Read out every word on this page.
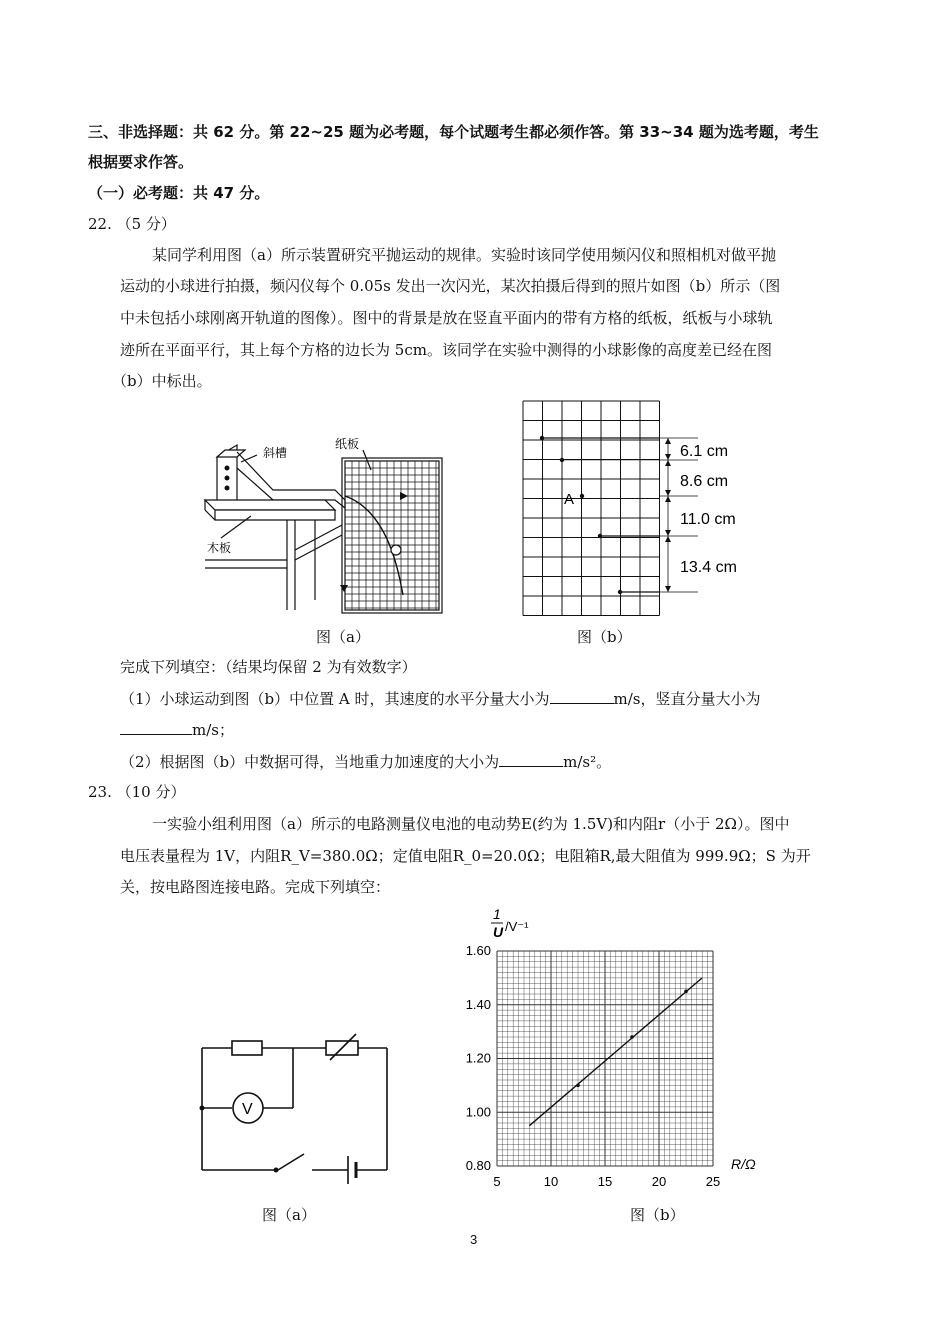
三、非选择题：共 62 分。第 22~25 题为必考题，每个试题考生都必须作答。第 33~34 题为选考题，考生
根据要求作答。
（一）必考题：共 47 分。
22. （5 分）
某同学利用图（a）所示装置研究平抛运动的规律。实验时该同学使用频闪仪和照相机对做平抛
运动的小球进行拍摄，频闪仪每个 0.05s 发出一次闪光，某次拍摄后得到的照片如图（b）所示（图
中未包括小球刚离开轨道的图像）。图中的背景是放在竖直平面内的带有方格的纸板，纸板与小球轨
迹所在平面平行，其上每个方格的边长为 5cm。该同学在实验中测得的小球影像的高度差已经在图
（b）中标出。
斜槽
纸板
木板
A
6.1 cm
8.6 cm
11.0 cm
13.4 cm
图（a）	图（b）
完成下列填空：（结果均保留 2 为有效数字）
（1）小球运动到图（b）中位置 A 时，其速度的水平分量大小为	m/s，竖直分量大小为
m/s；
（2）根据图（b）中数据可得，当地重力加速度的大小为	m/s²。
23. （10 分）
一实验小组利用图（a）所示的电路测量仪电池的电动势E(约为 1.5V)和内阻r（小于 2Ω）。图中
电压表量程为 1V，内阻R_V=380.0Ω；定值电阻R_0=20.0Ω；电阻箱R,最大阻值为 999.9Ω；S 为开
关，按电路图连接电路。完成下列填空：
V
5	10	15	20	25
0.80
1.00
1.20
1.40
1.60
1
U /V⁻¹
R/Ω
图（a）	图（b）
3
